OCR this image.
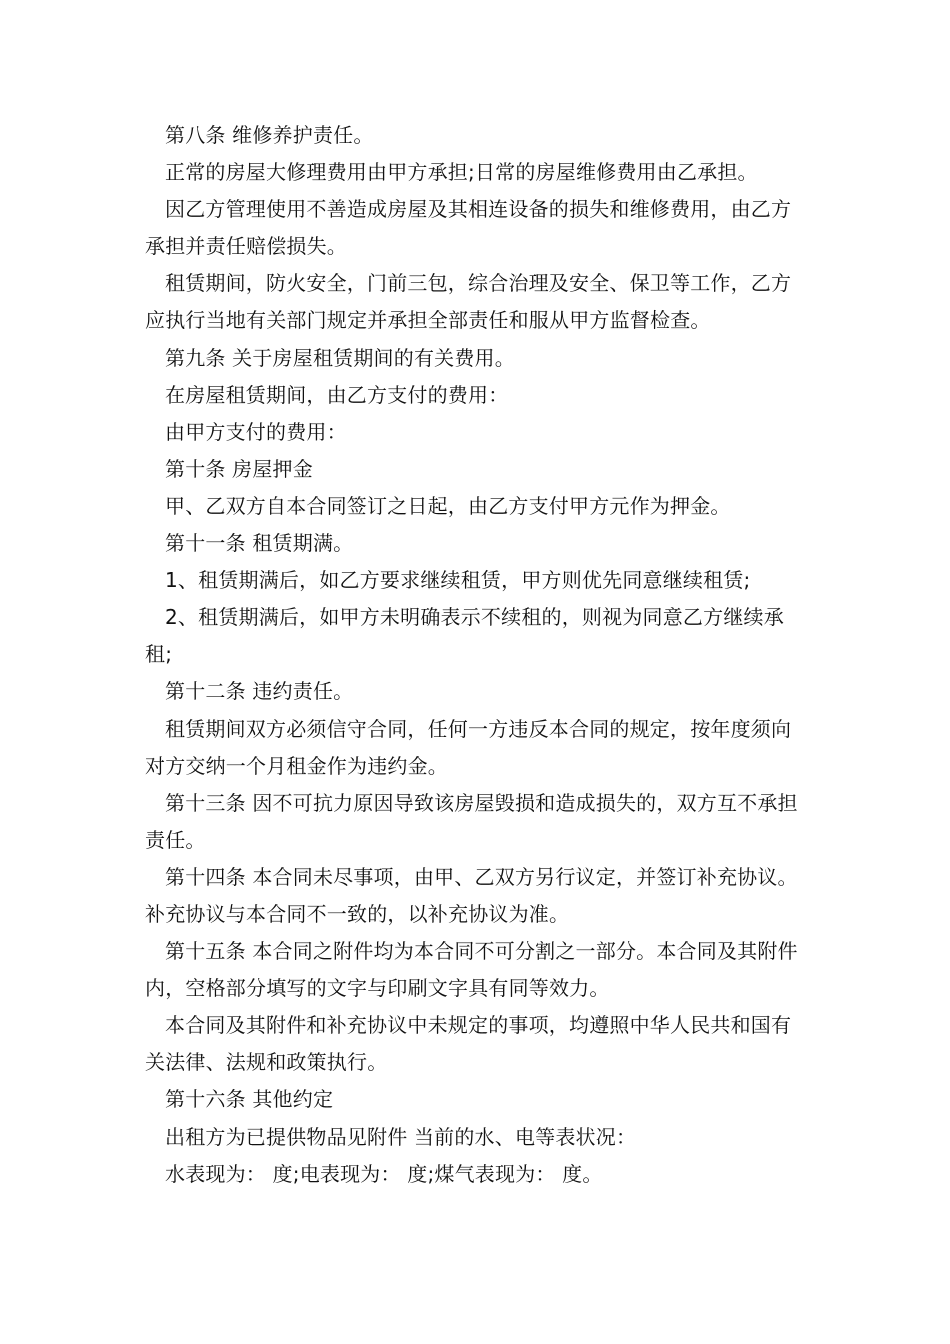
第八条 维修养护责任。

正常的房屋大修理费用由甲方承担;日常的房屋维修费用由乙承担。

因乙方管理使用不善造成房屋及其相连设备的损失和维修费用，由乙方承担并责任赔偿损失。

租赁期间，防火安全，门前三包，综合治理及安全、保卫等工作，乙方应执行当地有关部门规定并承担全部责任和服从甲方监督检查。

第九条 关于房屋租赁期间的有关费用。

在房屋租赁期间，由乙方支付的费用：

由甲方支付的费用：

第十条 房屋押金

甲、乙双方自本合同签订之日起，由乙方支付甲方元作为押金。

第十一条 租赁期满。

1、租赁期满后，如乙方要求继续租赁，甲方则优先同意继续租赁;

2、租赁期满后，如甲方未明确表示不续租的，则视为同意乙方继续承租;

第十二条 违约责任。

租赁期间双方必须信守合同，任何一方违反本合同的规定，按年度须向对方交纳一个月租金作为违约金。

第十三条 因不可抗力原因导致该房屋毁损和造成损失的，双方互不承担责任。

第十四条 本合同未尽事项，由甲、乙双方另行议定，并签订补充协议。补充协议与本合同不一致的，以补充协议为准。

第十五条 本合同之附件均为本合同不可分割之一部分。本合同及其附件内，空格部分填写的文字与印刷文字具有同等效力。

本合同及其附件和补充协议中未规定的事项，均遵照中华人民共和国有关法律、法规和政策执行。

第十六条 其他约定

出租方为已提供物品见附件 当前的水、电等表状况：

水表现为： 度;电表现为： 度;煤气表现为： 度。
